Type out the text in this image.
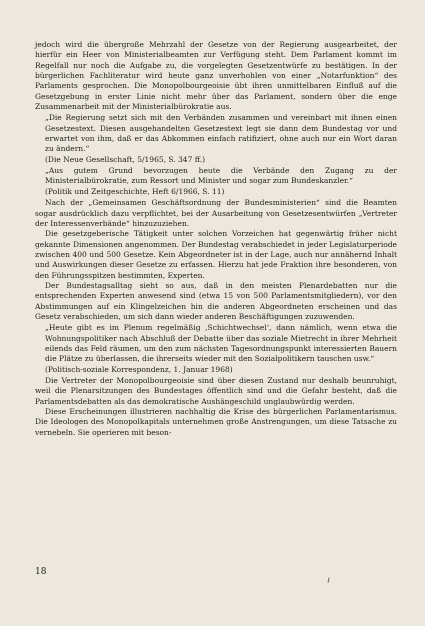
jedoch wird die übergroße Mehrzahl der Gesetze von der Regierung ausgearbeitet, der hierfür ein Heer von Ministerialbeamten zur Verfügung steht. Dem Parlament kommt im Regelfall nur noch die Aufgabe zu, die vorgelegten Gesetzentwürfe zu bestätigen. In der bürgerlichen Fachliteratur wird heute ganz unverhohlen von einer „Notarfunktion“ des Parlaments gesprochen. Die Monopolbourgeoisie übt ihren unmittelbaren Einfluß auf die Gesetzgebung in erster Linie nicht mehr über das Parlament, sondern über die enge Zusammenarbeit mit der Ministerialbürokratie aus.

„Die Regierung setzt sich mit den Verbänden zusammen und vereinbart mit ihnen einen Gesetzestext. Diesen ausgehandelten Gesetzestext legt sie dann dem Bundestag vor und erwartet von ihm, daß er das Abkommen einfach ratifiziert, ohne auch nur ein Wort daran zu ändern.“

(Die Neue Gesellschaft, 5/1965, S. 347 ff.)

„Aus gutem Grund bevorzugen heute die Verbände den Zugang zu der Ministerialbürokratie, zum Ressort und Minister und sogar zum Bundeskanzler.“

(Politik und Zeitgeschichte, Heft 6/1966, S. 11)

Nach der „Gemeinsamen Geschäftsordnung der Bundesministerien“ sind die Beamten sogar ausdrücklich dazu verpflichtet, bei der Ausarbeitung von Gesetzesentwürfen „Vertreter der Interessenverbände“ hinzuzuziehen.

Die gesetzgeberische Tätigkeit unter solchen Vorzeichen hat gegenwärtig früher nicht gekannte Dimensionen angenommen. Der Bundestag verabschiedet in jeder Legislaturperiode zwischen 400 und 500 Gesetze. Kein Abgeordneter ist in der Lage, auch nur annähernd Inhalt und Auswirkungen dieser Gesetze zu erfassen. Hierzu hat jede Fraktion ihre besonderen, von den Führungsspitzen bestimmten, Experten.

Der Bundestagsalltag sieht so aus, daß in den meisten Plenardebatten nur die entsprechenden Experten anwesend sind (etwa 15 von 500 Parlamentsmitgliedern), vor den Abstimmungen auf ein Klingelzeichen hin die anderen Abgeordneten erscheinen und das Gesetz verabschieden, um sich dann wieder anderen Beschäftigungen zuzuwenden.

„Heute gibt es im Plenum regelmäßig ‚Schichtwechsel‘, dann nämlich, wenn etwa die Wohnungspolitiker nach Abschluß der Debatte über das soziale Mietrecht in ihrer Mehrheit eilends das Feld räumen, um den zum nächsten Tagesordnungspunkt interessierten Bauern die Plätze zu überlassen, die ihrerseits wieder mit den Sozialpolitikern tauschen usw.“

(Politisch-soziale Korrespondenz, 1. Januar 1968)

Die Vertreter der Monopolbourgeoisie sind über diesen Zustand nur deshalb beunruhigt, weil die Plenarsitzungen des Bundestages öffentlich sind und die Gefahr besteht, daß die Parlamentsdebatten als das demokratische Aushängeschild unglaubwürdig werden.

Diese Erscheinungen illustrieren nachhaltig die Krise des bürgerlichen Parlamentarismus. Die Ideologen des Monopolkapitals unternehmen große Anstrengungen, um diese Tatsache zu vernebeln. Sie operieren mit beson-

18
